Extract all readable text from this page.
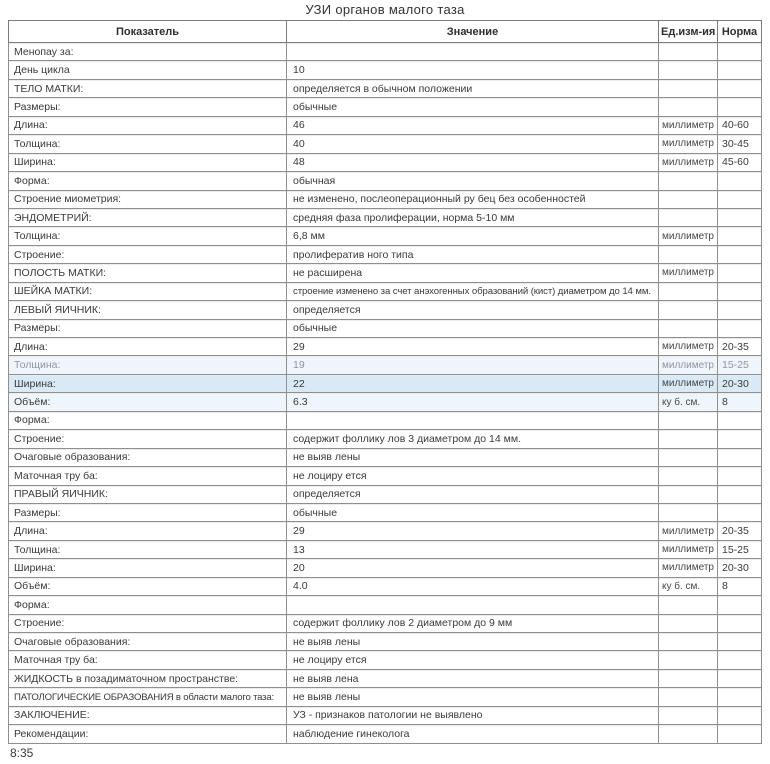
УЗИ органов малого таза
Показатель	Значение	Ед.изм-ия	Норма
Менопау за:			
День цикла	10		
ТЕЛО МАТКИ:	определяется в обычном положении		
Размеры:	обычные		
Длина:	46	миллиметр	40-60
Толщина:	40	миллиметр	30-45
Ширина:	48	миллиметр	45-60
Форма:	обычная		
Строение миометрия:	не изменено, послеоперационный ру бец без особенностей		
ЭНДОМЕТРИЙ:	средняя фаза пролиферации, норма 5-10 мм		
Толщина:	6,8 мм	миллиметр	
Строение:	пролифератив ного типа		
ПОЛОСТЬ МАТКИ:	не расширена	миллиметр	
ШЕЙКА МАТКИ:	строение изменено за счет анэхогенных образований (кист) диаметром до 14 мм.		
ЛЕВЫЙ ЯИЧНИК:	определяется		
Размеры:	обычные		
Длина:	29	миллиметр	20-35
Толщина:	19	миллиметр	15-25
Ширина:	22	миллиметр	20-30
Объём:	6.3	ку б. см.	8
Форма:			
Строение:	содержит фоллику лов 3 диаметром до 14 мм.		
Очаговые образования:	не выяв лены		
Маточная тру ба:	не лоциру ется		
ПРАВЫЙ ЯИЧНИК:	определяется		
Размеры:	обычные		
Длина:	29	миллиметр	20-35
Толщина:	13	миллиметр	15-25
Ширина:	20	миллиметр	20-30
Объём:	4.0	ку б. см.	8
Форма:			
Строение:	содержит фоллику лов 2 диаметром до 9 мм		
Очаговые образования:	не выяв лены		
Маточная тру ба:	не лоциру ется		
ЖИДКОСТЬ в позадиматочном пространстве:	не выяв лена		
ПАТОЛОГИЧЕСКИЕ ОБРАЗОВАНИЯ в области малого таза:	не выяв лены		
ЗАКЛЮЧЕНИЕ:	УЗ - признаков патологии не выявлено		
Рекомендации:	наблюдение гинеколога		
8:35
